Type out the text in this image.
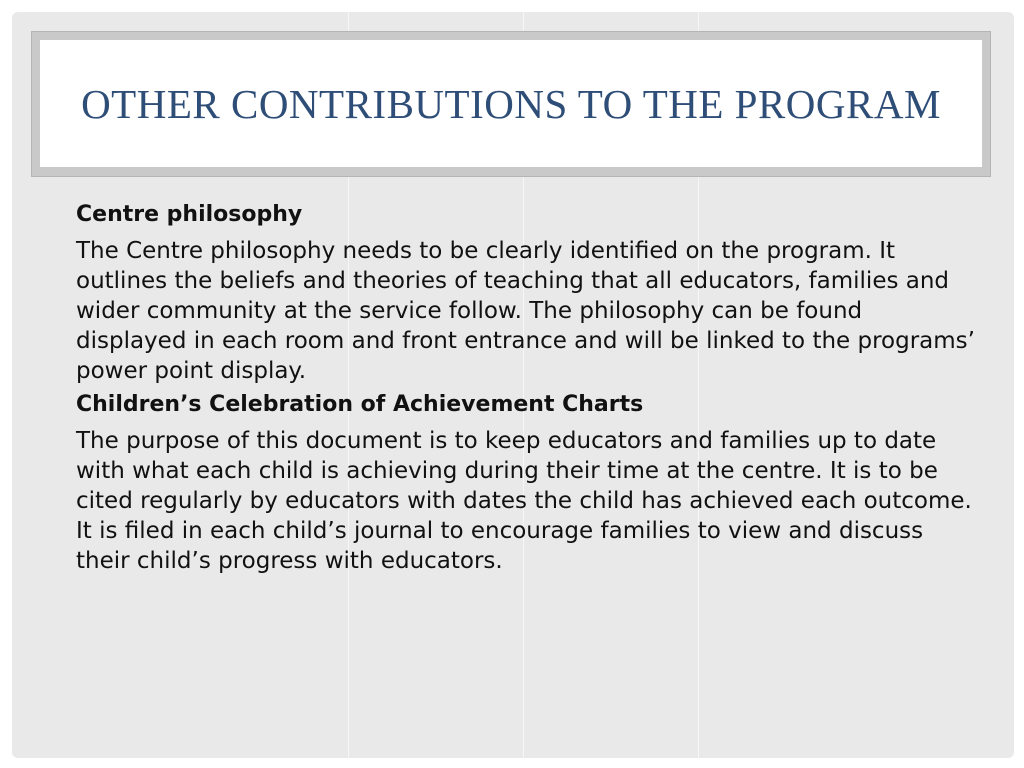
OTHER CONTRIBUTIONS TO THE PROGRAM
Centre philosophy
The Centre philosophy needs to be clearly identified on the program. It outlines the beliefs and theories of teaching that all educators, families and wider community at the service follow. The philosophy can be found displayed in each room and front entrance and will be linked to the programs’ power point display.
Children’s Celebration of Achievement Charts
The purpose of this document is to keep educators and families up to date with what each child is achieving during their time at the centre. It is to be cited regularly by educators with dates the child has achieved each outcome. It is filed in each child’s journal to encourage families to view and discuss their child’s progress with educators.
